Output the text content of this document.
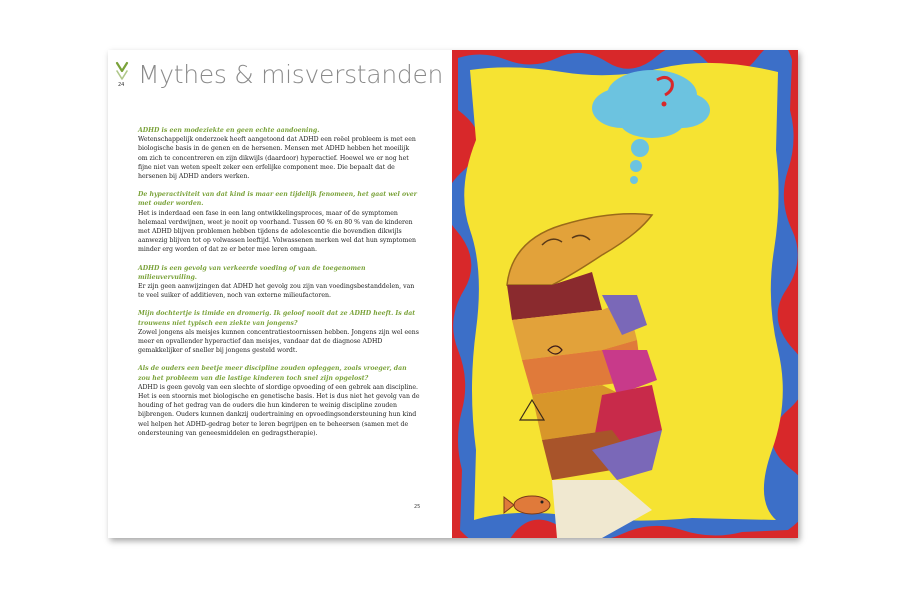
24 Mythes & misverstanden

ADHD is een modeziekte en geen echte aandoening.

Wetenschappelijk onderzoek heeft aangetoond dat ADHD een reëel probleem is met een biologische basis in de genen en de hersenen. Mensen met ADHD hebben het moeilijk om zich te concentreren en zijn dikwijls (daardoor) hyperactief. Hoewel we er nog het fijne niet van weten speelt zeker een erfelijke component mee. Die bepaalt dat de hersenen bij ADHD anders werken.

De hyperactiviteit van dat kind is maar een tijdelijk fenomeen, het gaat wel over met ouder worden.

Het is inderdaad een fase in een lang ontwikkelingsproces, maar of de symptomen helemaal verdwijnen, weet je nooit op voorhand. Tussen 60 % en 80 % van de kinderen met ADHD blijven problemen hebben tijdens de adolescentie die bovendien dikwijls aanwezig blijven tot op volwassen leeftijd. Volwassenen merken wel dat hun symptomen minder erg worden of dat ze er beter mee leren omgaan.

ADHD is een gevolg van verkeerde voeding of van de toegenomen milieuvervuiling.

Er zijn geen aanwijzingen dat ADHD het gevolg zou zijn van voedingsbestanddelen, van te veel suiker of additieven, noch van externe milieufactoren.

Mijn dochtertje is timide en dromerig. Ik geloof nooit dat ze ADHD heeft. Is dat trouwens niet typisch een ziekte van jongens?

Zowel jongens als meisjes kunnen concentratiestoornissen hebben. Jongens zijn wel eens meer en opvallender hyperactief dan meisjes, vandaar dat de diagnose ADHD gemakkelijker of sneller bij jongens gesteld wordt.

Als de ouders een beetje meer discipline zouden opleggen, zoals vroeger, dan zou het probleem van die lastige kinderen toch snel zijn opgelost?

ADHD is geen gevolg van een slechte of slordige opvoeding of een gebrek aan discipline. Het is een stoornis met biologische en genetische basis. Het is dus niet het gevolg van de houding of het gedrag van de ouders die hun kinderen te weinig discipline zouden bijbrengen. Ouders kunnen dankzij oudertraining en opvoedingsondersteuning hun kind wel helpen het ADHD-gedrag beter te leren begrijpen en te beheersen (samen met de ondersteuning van geneesmiddelen en gedragstherapie).

25
